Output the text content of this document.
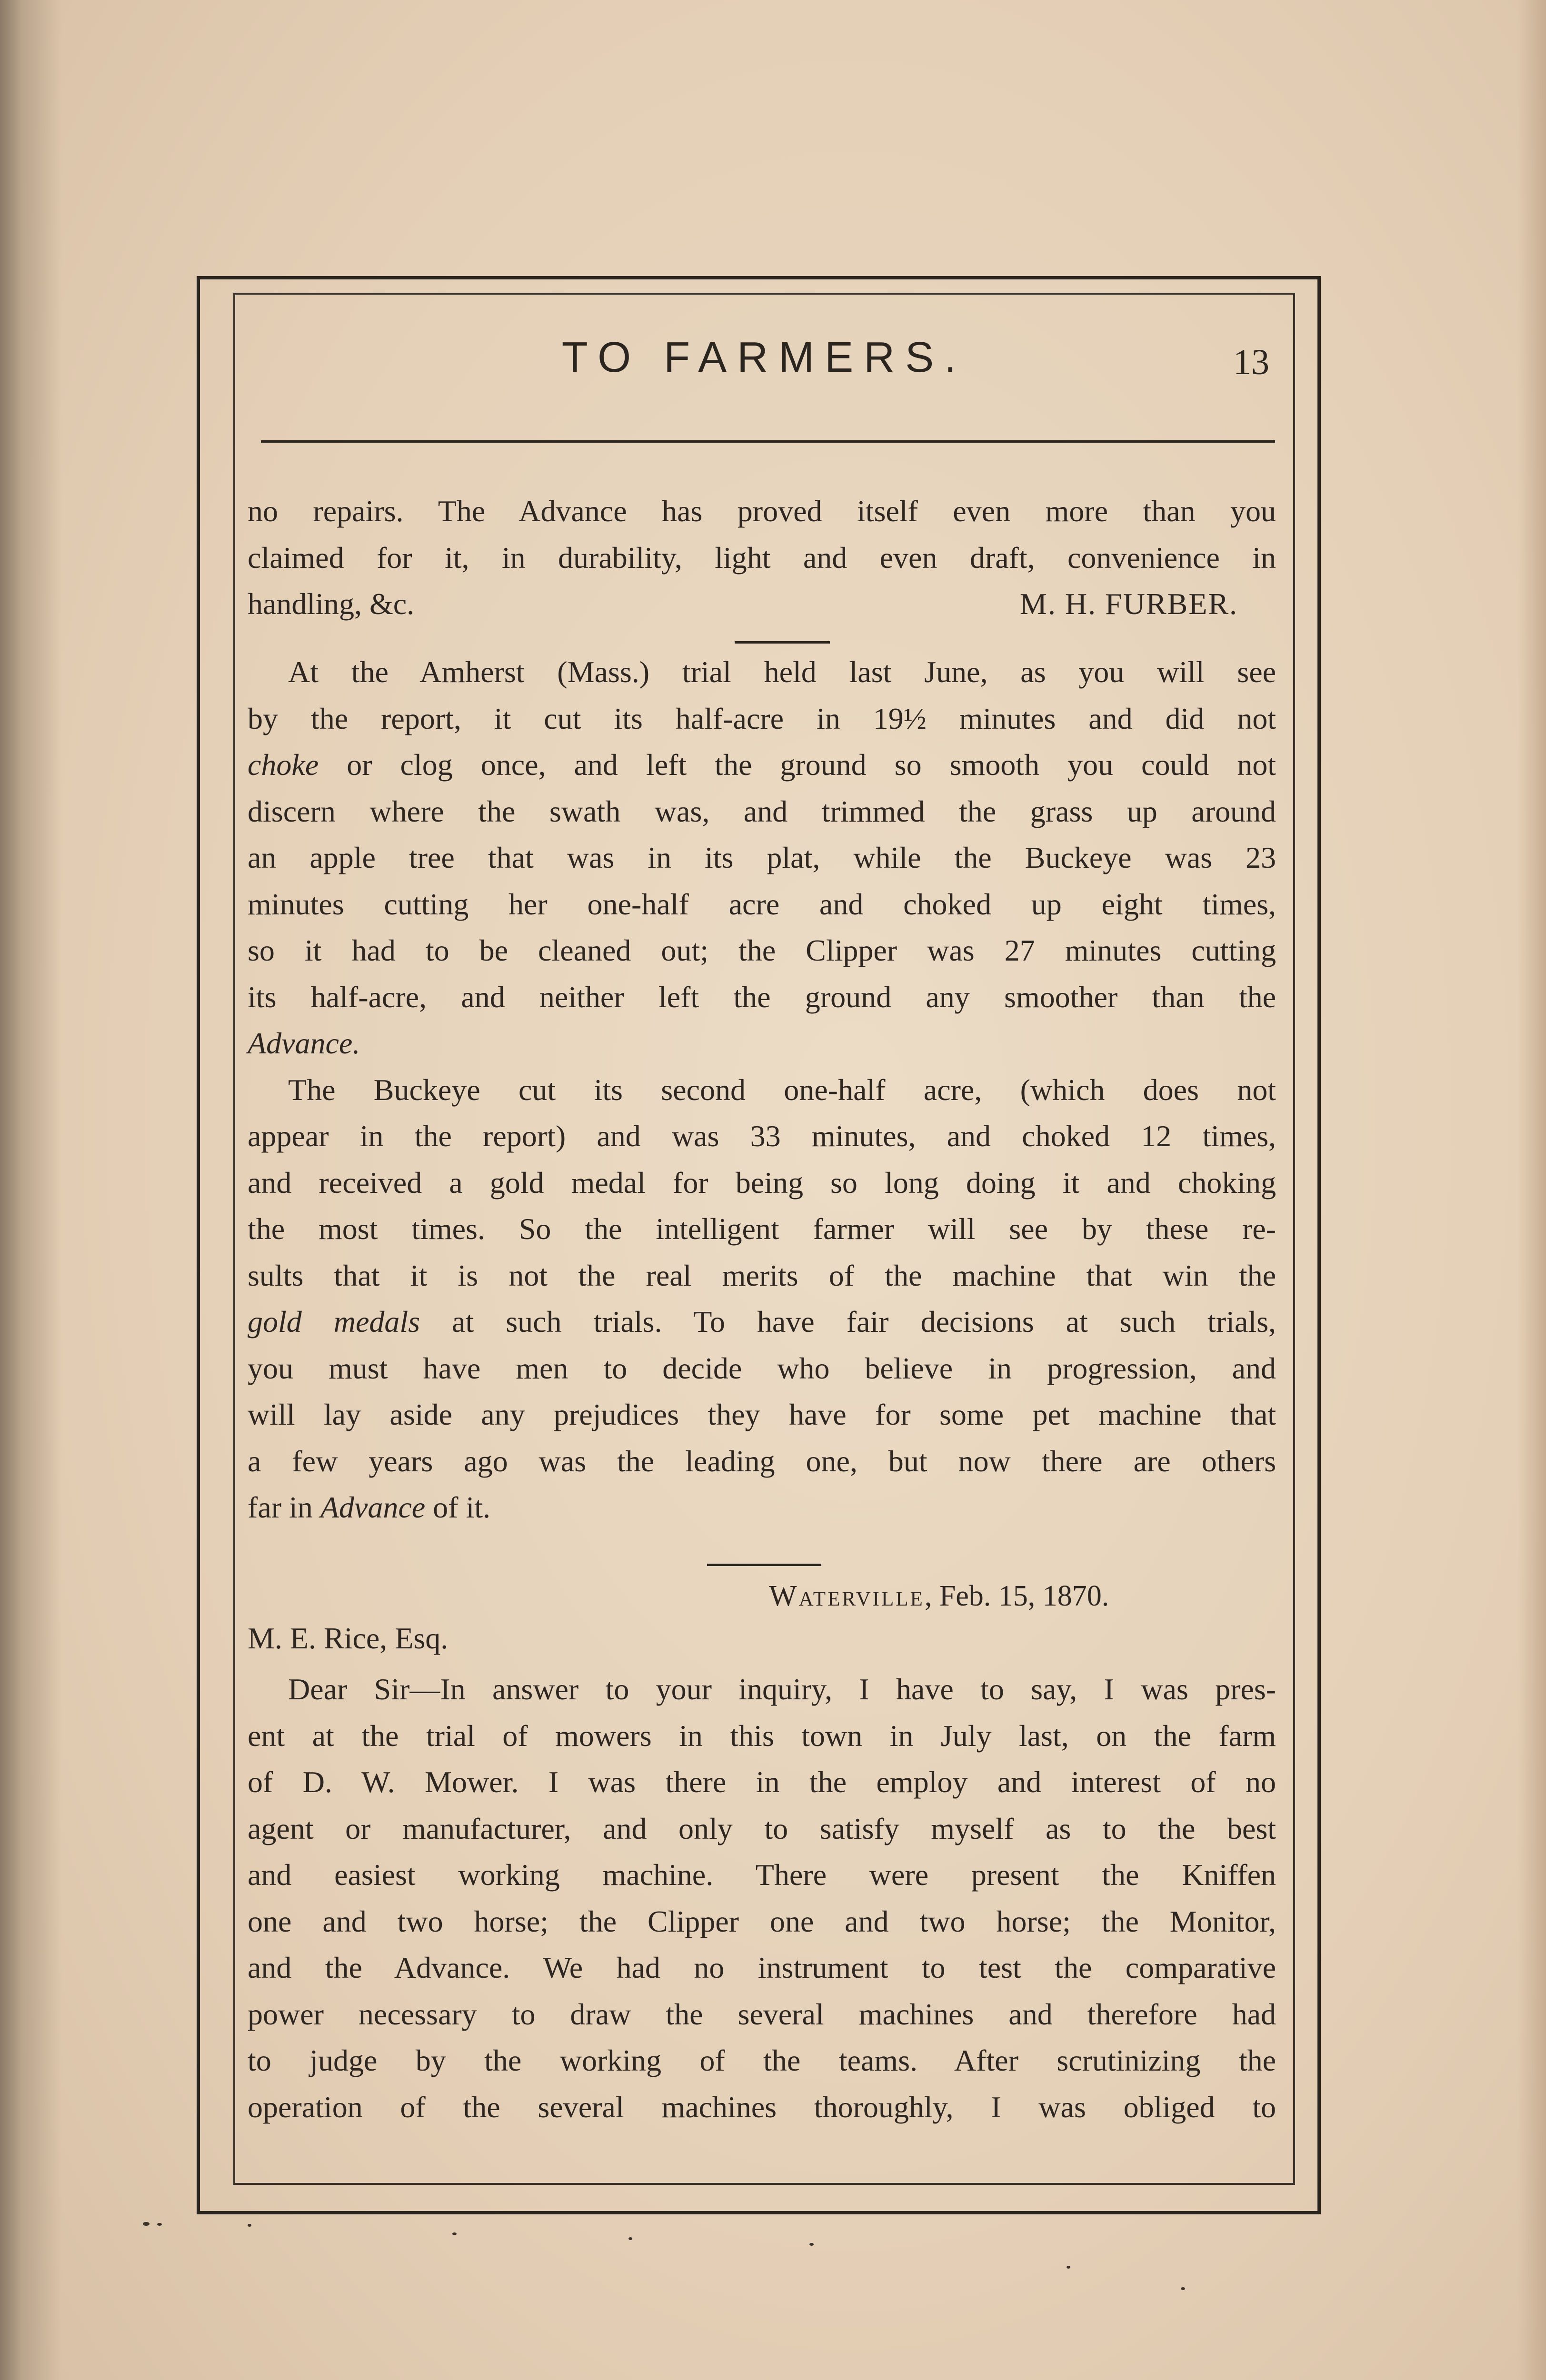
TO FARMERS.	13
no repairs. The Advance has proved itself even more than you
claimed for it, in durability, light and even draft, convenience in
handling, &c.	M. H. FURBER.
At the Amherst (Mass.) trial held last June, as you will see
by the report, it cut its half-acre in 19½ minutes and did not
choke or clog once, and left the ground so smooth you could not
discern where the swath was, and trimmed the grass up around
an apple tree that was in its plat, while the Buckeye was 23
minutes cutting her one-half acre and choked up eight times,
so it had to be cleaned out; the Clipper was 27 minutes cutting
its half-acre, and neither left the ground any smoother than the
Advance.
The Buckeye cut its second one-half acre, (which does not
appear in the report) and was 33 minutes, and choked 12 times,
and received a gold medal for being so long doing it and choking
the most times. So the intelligent farmer will see by these re-
sults that it is not the real merits of the machine that win the
gold medals at such trials. To have fair decisions at such trials,
you must have men to decide who believe in progression, and
will lay aside any prejudices they have for some pet machine that
a few years ago was the leading one, but now there are others
far in Advance of it.
Waterville, Feb. 15, 1870.
M. E. Rice, Esq.
Dear Sir—In answer to your inquiry, I have to say, I was pres-
ent at the trial of mowers in this town in July last, on the farm
of D. W. Mower. I was there in the employ and interest of no
agent or manufacturer, and only to satisfy myself as to the best
and easiest working machine. There were present the Kniffen
one and two horse; the Clipper one and two horse; the Monitor,
and the Advance. We had no instrument to test the comparative
power necessary to draw the several machines and therefore had
to judge by the working of the teams. After scrutinizing the
operation of the several machines thoroughly, I was obliged to
